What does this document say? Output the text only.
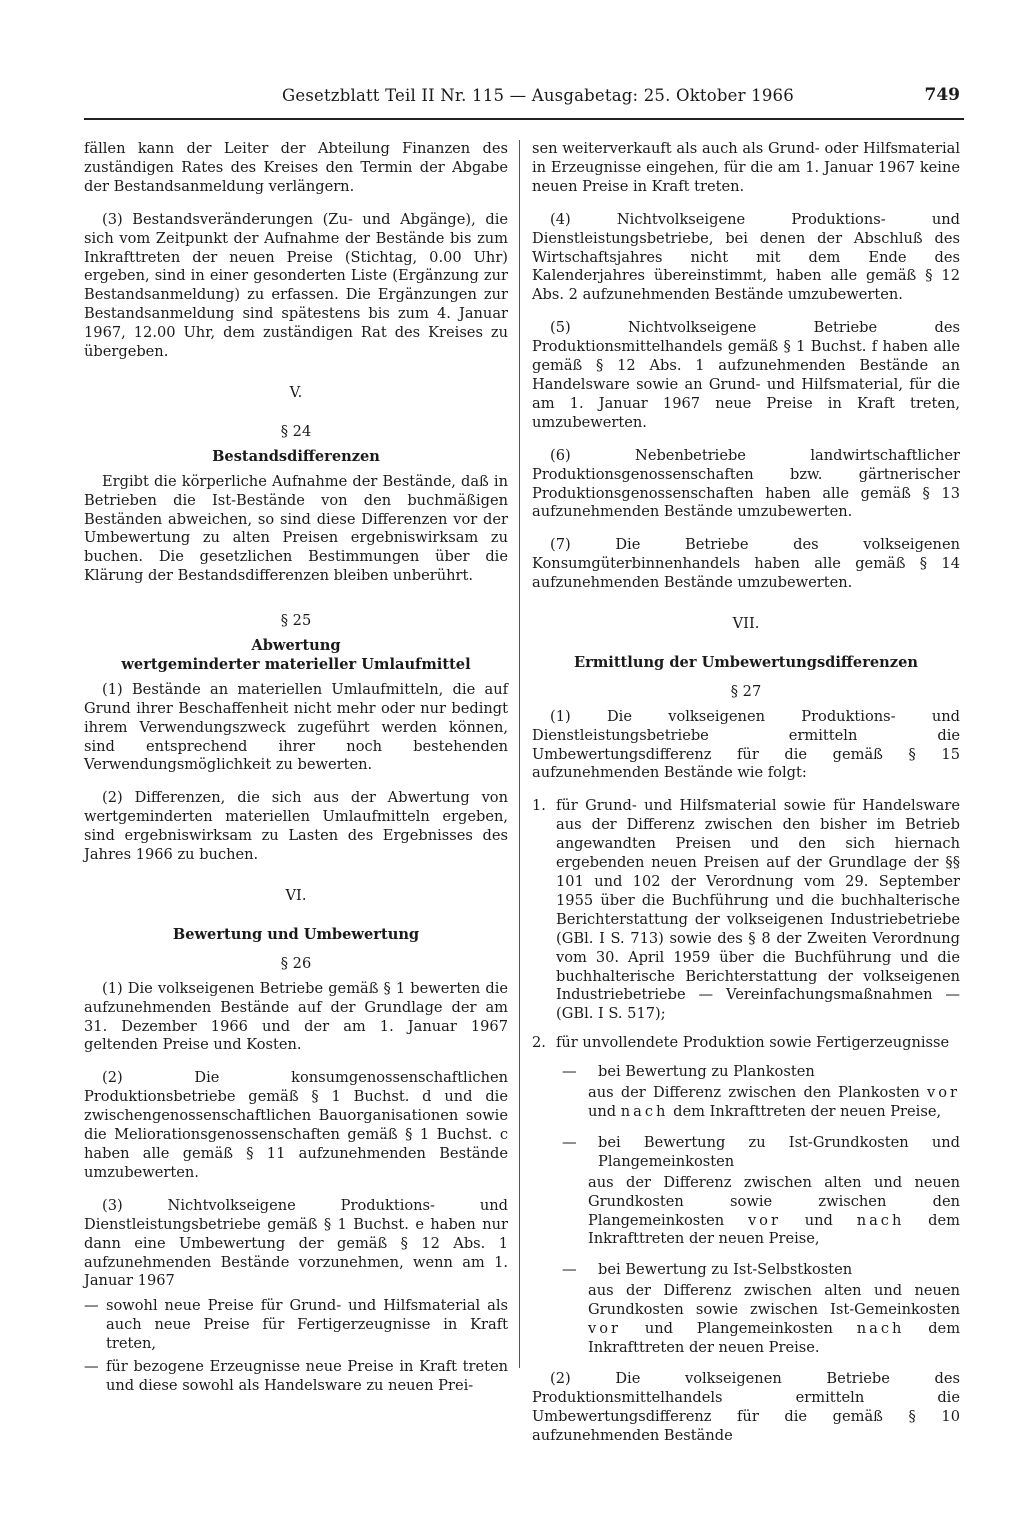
Gesetzblatt Teil II Nr. 115 — Ausgabetag: 25. Oktober 1966	749

fällen kann der Leiter der Abteilung Finanzen des zuständigen Rates des Kreises den Termin der Abgabe der Bestandsanmeldung verlängern.

(3) Bestandsveränderungen (Zu- und Abgänge), die sich vom Zeitpunkt der Aufnahme der Bestände bis zum Inkrafttreten der neuen Preise (Stichtag, 0.00 Uhr) ergeben, sind in einer gesonderten Liste (Ergänzung zur Bestandsanmeldung) zu erfassen. Die Ergänzungen zur Bestandsanmeldung sind spätestens bis zum 4. Januar 1967, 12.00 Uhr, dem zuständigen Rat des Kreises zu übergeben.

V.

§ 24

Bestandsdifferenzen

Ergibt die körperliche Aufnahme der Bestände, daß in Betrieben die Ist-Bestände von den buchmäßigen Beständen abweichen, so sind diese Differenzen vor der Umbewertung zu alten Preisen ergebniswirksam zu buchen. Die gesetzlichen Bestimmungen über die Klärung der Bestandsdifferenzen bleiben unberührt.

§ 25

Abwertung

wertgeminderter materieller Umlaufmittel

(1) Bestände an materiellen Umlaufmitteln, die auf Grund ihrer Beschaffenheit nicht mehr oder nur bedingt ihrem Verwendungszweck zugeführt werden können, sind entsprechend ihrer noch bestehenden Verwendungsmöglichkeit zu bewerten.

(2) Differenzen, die sich aus der Abwertung von wertgeminderten materiellen Umlaufmitteln ergeben, sind ergebniswirksam zu Lasten des Ergebnisses des Jahres 1966 zu buchen.

VI.

Bewertung und Umbewertung

§ 26

(1) Die volkseigenen Betriebe gemäß § 1 bewerten die aufzunehmenden Bestände auf der Grundlage der am 31. Dezember 1966 und der am 1. Januar 1967 geltenden Preise und Kosten.

(2) Die konsumgenossenschaftlichen Produktionsbetriebe gemäß § 1 Buchst. d und die zwischengenossenschaftlichen Bauorganisationen sowie die Meliorationsgenossenschaften gemäß § 1 Buchst. c haben alle gemäß § 11 aufzunehmenden Bestände umzubewerten.

(3) Nichtvolkseigene Produktions- und Dienstleistungsbetriebe gemäß § 1 Buchst. e haben nur dann eine Umbewertung der gemäß § 12 Abs. 1 aufzunehmenden Bestände vorzunehmen, wenn am 1. Januar 1967

— sowohl neue Preise für Grund- und Hilfsmaterial als auch neue Preise für Fertigerzeugnisse in Kraft treten,
— für bezogene Erzeugnisse neue Preise in Kraft treten und diese sowohl als Handelsware zu neuen Prei-

sen weiterverkauft als auch als Grund- oder Hilfsmaterial in Erzeugnisse eingehen, für die am 1. Januar 1967 keine neuen Preise in Kraft treten.

(4) Nichtvolkseigene Produktions- und Dienstleistungsbetriebe, bei denen der Abschluß des Wirtschaftsjahres nicht mit dem Ende des Kalenderjahres übereinstimmt, haben alle gemäß § 12 Abs. 2 aufzunehmenden Bestände umzubewerten.

(5) Nichtvolkseigene Betriebe des Produktionsmittelhandels gemäß § 1 Buchst. f haben alle gemäß § 12 Abs. 1 aufzunehmenden Bestände an Handelsware sowie an Grund- und Hilfsmaterial, für die am 1. Januar 1967 neue Preise in Kraft treten, umzubewerten.

(6) Nebenbetriebe landwirtschaftlicher Produktionsgenossenschaften bzw. gärtnerischer Produktionsgenossenschaften haben alle gemäß § 13 aufzunehmenden Bestände umzubewerten.

(7) Die Betriebe des volkseigenen Konsumgüterbinnenhandels haben alle gemäß § 14 aufzunehmenden Bestände umzubewerten.

VII.

Ermittlung der Umbewertungsdifferenzen

§ 27

(1) Die volkseigenen Produktions- und Dienstleistungsbetriebe ermitteln die Umbewertungsdifferenz für die gemäß § 15 aufzunehmenden Bestände wie folgt:

1. für Grund- und Hilfsmaterial sowie für Handelsware aus der Differenz zwischen den bisher im Betrieb angewandten Preisen und den sich hiernach ergebenden neuen Preisen auf der Grundlage der §§ 101 und 102 der Verordnung vom 29. September 1955 über die Buchführung und die buchhalterische Berichterstattung der volkseigenen Industriebetriebe (GBl. I S. 713) sowie des § 8 der Zweiten Verordnung vom 30. April 1959 über die Buchführung und die buchhalterische Berichterstattung der volkseigenen Industriebetriebe — Vereinfachungsmaßnahmen — (GBl. I S. 517);
2. für unvollendete Produktion sowie Fertigerzeugnisse
—	bei Bewertung zu Plankosten
aus der Differenz zwischen den Plankosten vor und nach dem Inkrafttreten der neuen Preise,
—	bei Bewertung zu Ist-Grundkosten und Plangemeinkosten
aus der Differenz zwischen alten und neuen Grundkosten sowie zwischen den Plangemeinkosten vor und nach dem Inkrafttreten der neuen Preise,
—	bei Bewertung zu Ist-Selbstkosten
aus der Differenz zwischen alten und neuen Grundkosten sowie zwischen Ist-Gemeinkosten vor und Plangemeinkosten nach dem Inkrafttreten der neuen Preise.

(2) Die volkseigenen Betriebe des Produktionsmittelhandels ermitteln die Umbewertungsdifferenz für die gemäß § 10 aufzunehmenden Bestände
